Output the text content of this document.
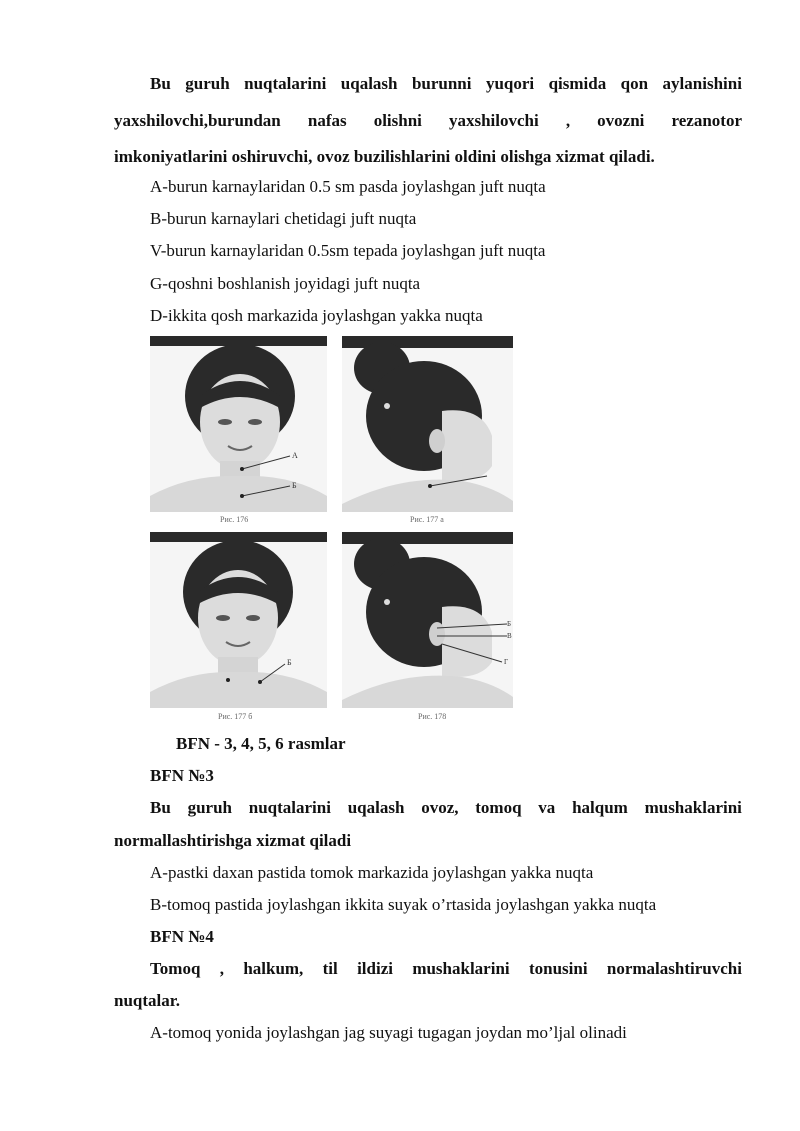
Bu guruh nuqtalarini uqalash burunni yuqori qismida qon aylanishini
yaxshilovchi,burundan nafas olishni yaxshilovchi , ovozni rezanotor
imkoniyatlarini oshiruvchi, ovoz buzilishlarini oldini olishga xizmat qiladi.
A-burun karnaylaridan 0.5 sm pasda joylashgan juft nuqta
B-burun karnaylari chetidagi juft nuqta
V-burun karnaylaridan 0.5sm tepada joylashgan juft nuqta
G-qoshni boshlanish joyidagi juft nuqta
D-ikkita qosh markazida joylashgan yakka nuqta
A
Б
Рис. 176	Рис. 177 а
Б
Рис. 177 б
Б
В
Г
Рис. 178
BFN - 3, 4, 5, 6 rasmlar
BFN №3
Bu guruh nuqtalarini uqalash ovoz, tomoq va halqum mushaklarini
normallashtirishga xizmat qiladi
A-pastki daxan pastida tomok markazida joylashgan yakka nuqta
B-tomoq pastida joylashgan ikkita suyak o’rtasida joylashgan yakka nuqta
BFN №4
Tomoq , halkum, til ildizi mushaklarini tonusini normalashtiruvchi
nuqtalar.
A-tomoq yonida joylashgan jag suyagi tugagan joydan mo’ljal olinadi
